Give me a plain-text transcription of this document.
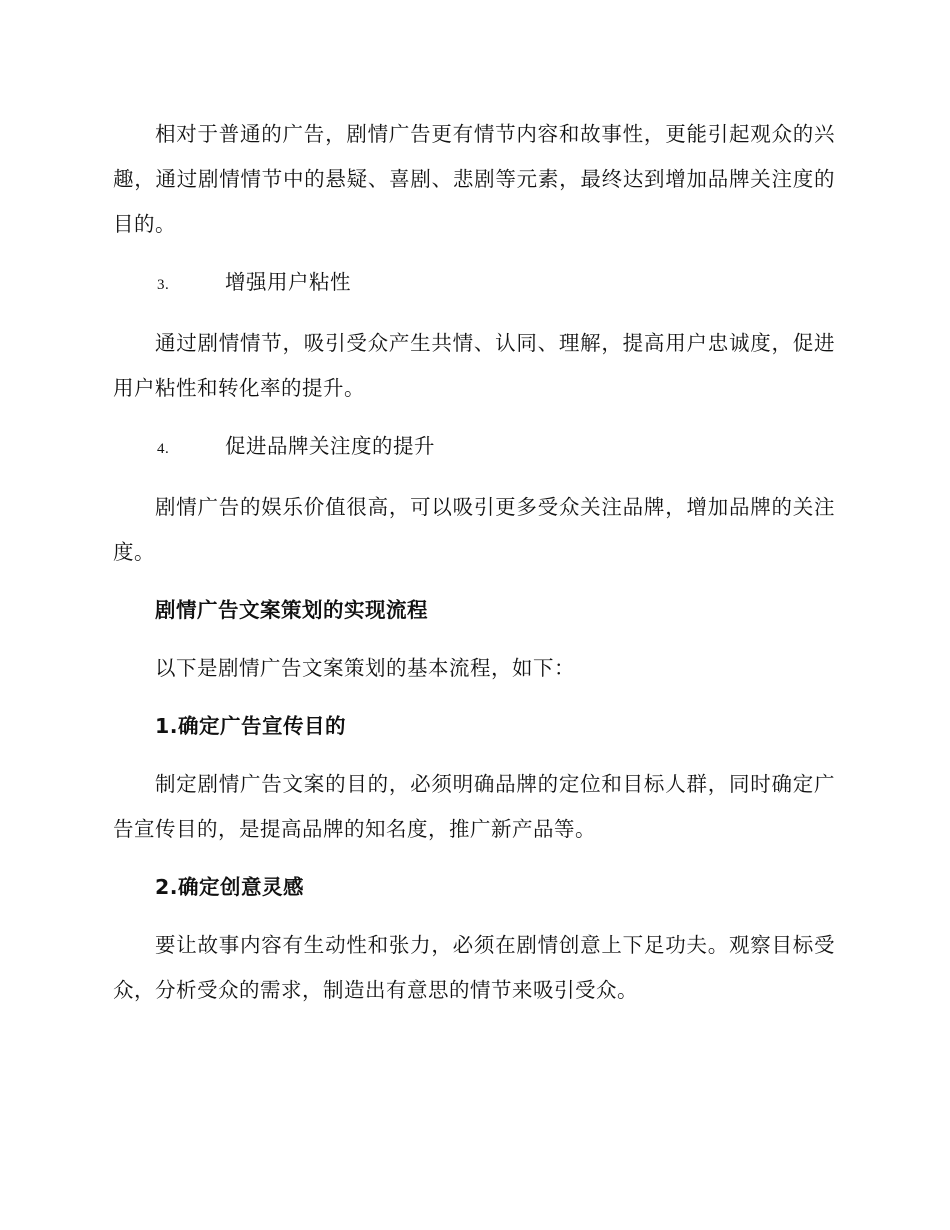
相对于普通的广告，剧情广告更有情节内容和故事性，更能引起观众的兴趣，通过剧情情节中的悬疑、喜剧、悲剧等元素，最终达到增加品牌关注度的目的。

3.	增强用户粘性

通过剧情情节，吸引受众产生共情、认同、理解，提高用户忠诚度，促进用户粘性和转化率的提升。

4.	促进品牌关注度的提升

剧情广告的娱乐价值很高，可以吸引更多受众关注品牌，增加品牌的关注度。

剧情广告文案策划的实现流程

以下是剧情广告文案策划的基本流程，如下：

1.确定广告宣传目的

制定剧情广告文案的目的，必须明确品牌的定位和目标人群，同时确定广告宣传目的，是提高品牌的知名度，推广新产品等。

2.确定创意灵感

要让故事内容有生动性和张力，必须在剧情创意上下足功夫。观察目标受众，分析受众的需求，制造出有意思的情节来吸引受众。
